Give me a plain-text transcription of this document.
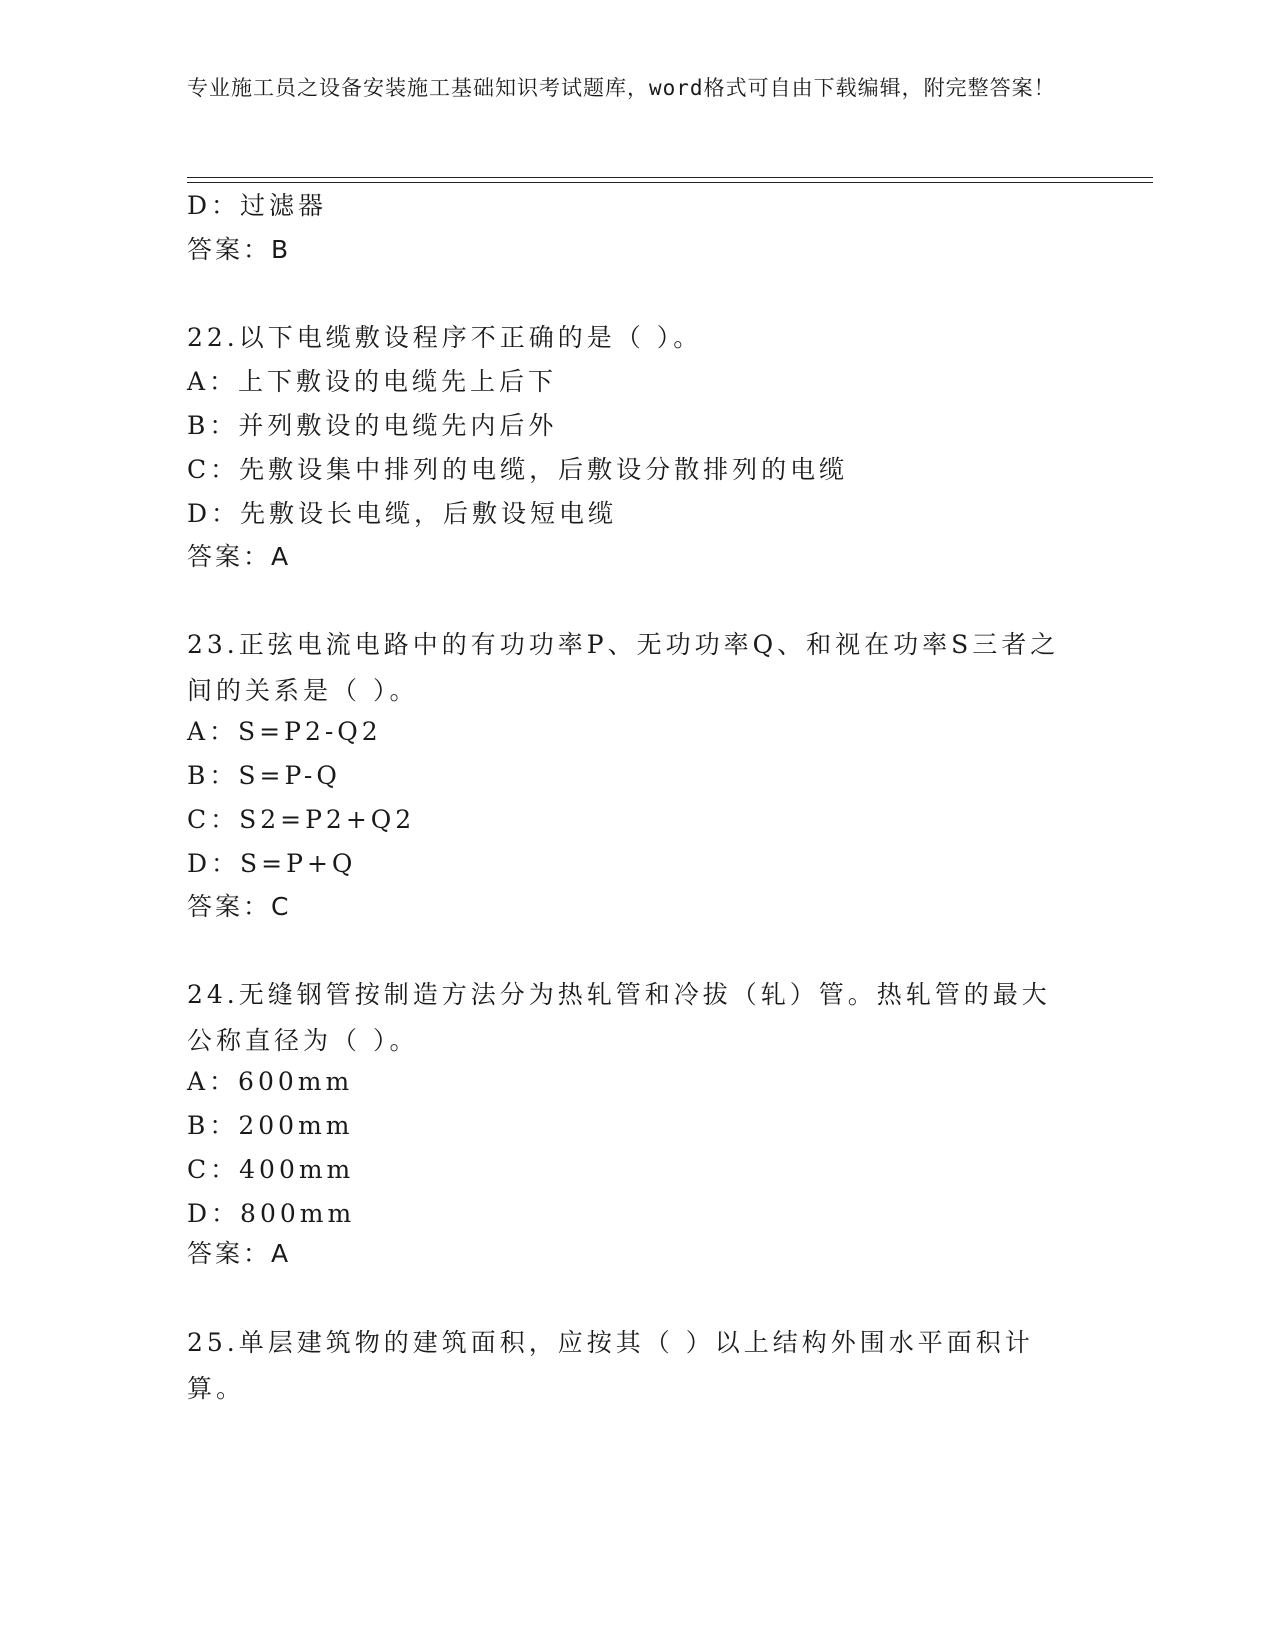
专业施工员之设备安装施工基础知识考试题库，word格式可自由下载编辑，附完整答案！

D：过滤器

答案：B

22.以下电缆敷设程序不正确的是（ ）。

A：上下敷设的电缆先上后下

B：并列敷设的电缆先内后外

C：先敷设集中排列的电缆，后敷设分散排列的电缆

D：先敷设长电缆，后敷设短电缆

答案：A

23.正弦电流电路中的有功功率P、无功功率Q、和视在功率S三者之间的关系是（ ）。

A：S=P2-Q2

B：S=P-Q

C：S2=P2+Q2

D：S=P+Q

答案：C

24.无缝钢管按制造方法分为热轧管和冷拔（轧）管。热轧管的最大公称直径为（ ）。

A：600mm

B：200mm

C：400mm

D：800mm

答案：A

25.单层建筑物的建筑面积，应按其（ ）以上结构外围水平面积计算。
